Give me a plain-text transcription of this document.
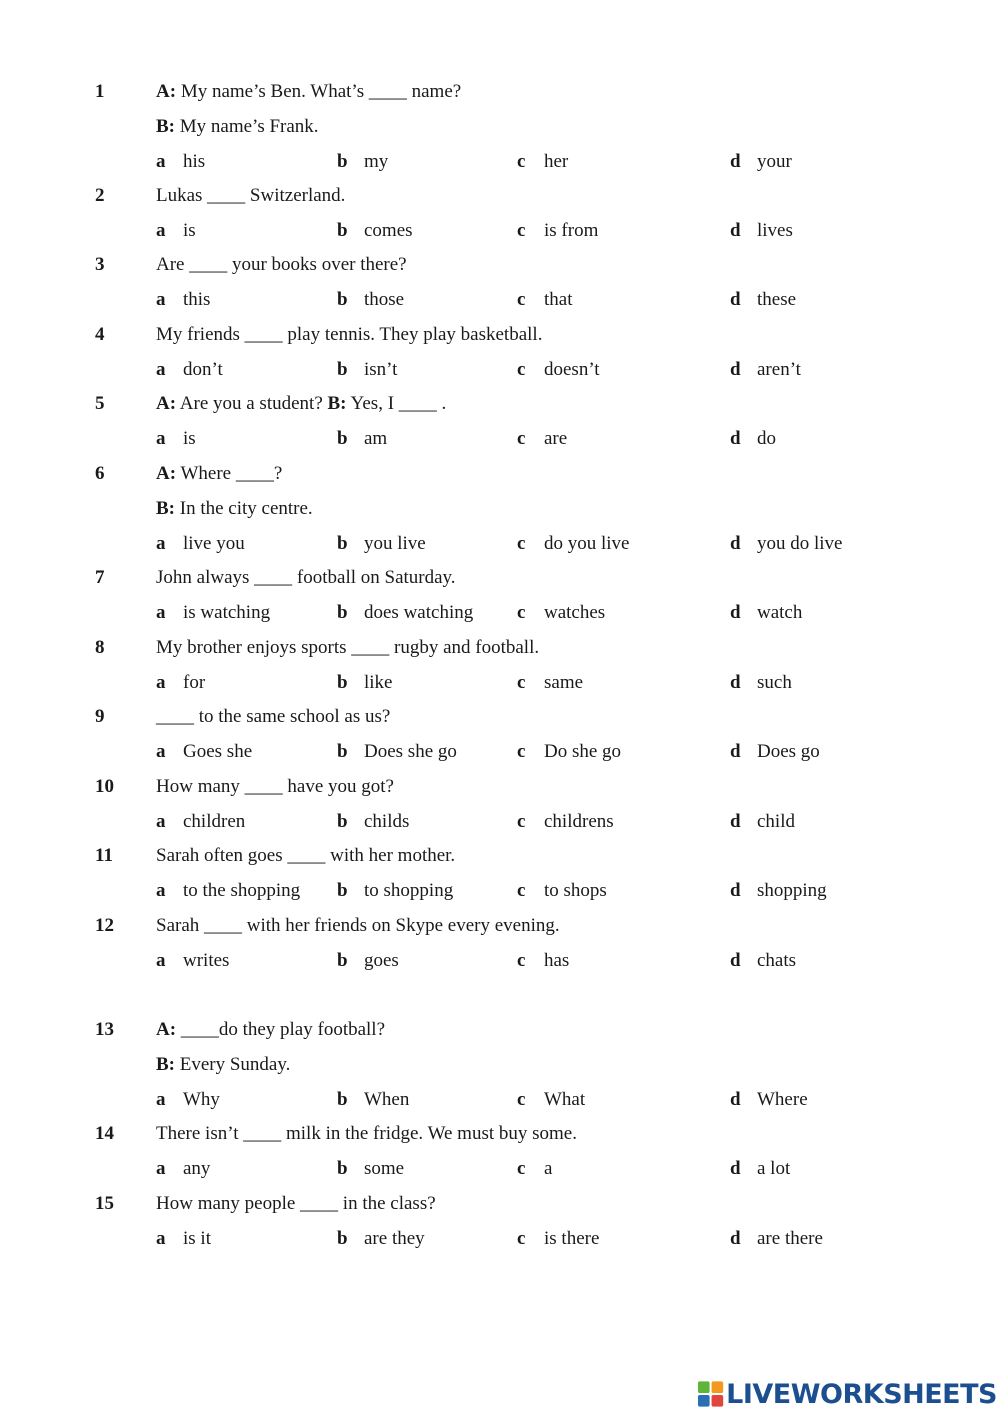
1	A: My name’s Ben. What’s ____ name?
B: My name’s Frank.
a his	b my	c her	d your
2	Lukas ____ Switzerland.
a is	b comes	c is from	d lives
3	Are ____ your books over there?
a this	b those	c that	d these
4	My friends ____ play tennis. They play basketball.
a don’t	b isn’t	c doesn’t	d aren’t
5	A: Are you a student? B: Yes, I ____ .
a is	b am	c are	d do
6	A: Where ____?
B: In the city centre.
a live you	b you live	c do you live	d you do live
7	John always ____ football on Saturday.
a is watching	b does watching c watches	d watch
8	My brother enjoys sports ____ rugby and football.
a for	b like	c same	d such
9	____ to the same school as us?
a Goes she	b Does she go	c Do she go	d Does go
10 How many ____ have you got?
a children	b childs	c childrens	d child
11 Sarah often goes ____ with her mother.
a to the shopping b to shopping	c to shops	d shopping
12 Sarah ____ with her friends on Skype every evening.
a writes	b goes	c has	d chats
13 A: ____do they play football?
B: Every Sunday.
a Why	b When	c What	d Where
14 There isn’t ____ milk in the fridge. We must buy some.
a any	b some	c a	d a lot
15 How many people ____ in the class?
a is it	b are they	c is there	d are there
LIVEWORKSHEETS
